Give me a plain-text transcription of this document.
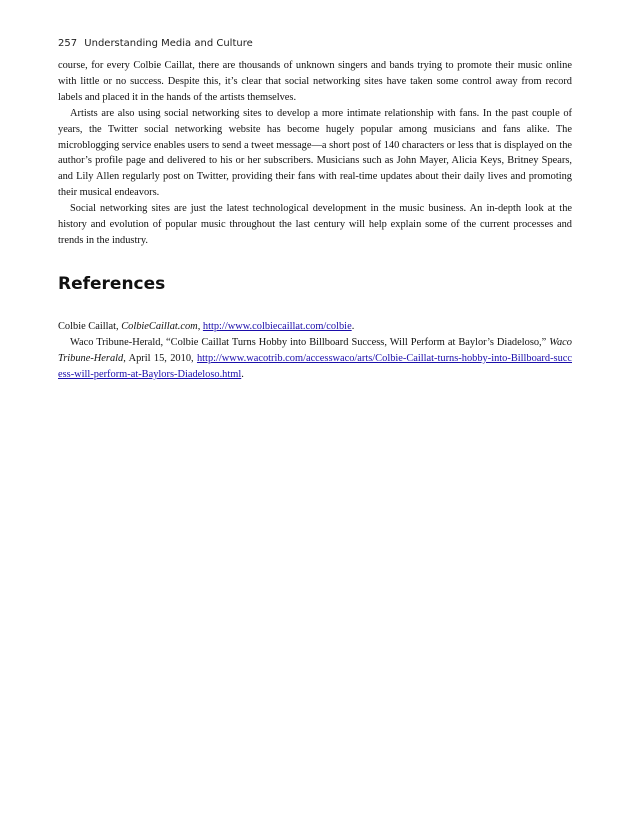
257 Understanding Media and Culture

course, for every Colbie Caillat, there are thousands of unknown singers and bands trying to promote their music online with little or no success. Despite this, it’s clear that social networking sites have taken some control away from record labels and placed it in the hands of the artists themselves.

Artists are also using social networking sites to develop a more intimate relationship with fans. In the past couple of years, the Twitter social networking website has become hugely popular among musicians and fans alike. The microblogging service enables users to send a tweet message—a short post of 140 characters or less that is displayed on the author’s profile page and delivered to his or her subscribers. Musicians such as John Mayer, Alicia Keys, Britney Spears, and Lily Allen regularly post on Twitter, providing their fans with real-time updates about their daily lives and promoting their musical endeavors.

Social networking sites are just the latest technological development in the music business. An in-depth look at the history and evolution of popular music throughout the last century will help explain some of the current processes and trends in the industry.

References

Colbie Caillat, ColbieCaillat.com, http://www.colbiecaillat.com/colbie.

Waco Tribune-Herald, “Colbie Caillat Turns Hobby into Billboard Success, Will Perform at Baylor’s Diadeloso,” Waco Tribune-Herald, April 15, 2010, http://www.wacotrib.com/accesswaco/arts/Colbie-Caillat-turns-hobby-into-Billboard-success-will-perform-at-Baylors-Diadeloso.html.
